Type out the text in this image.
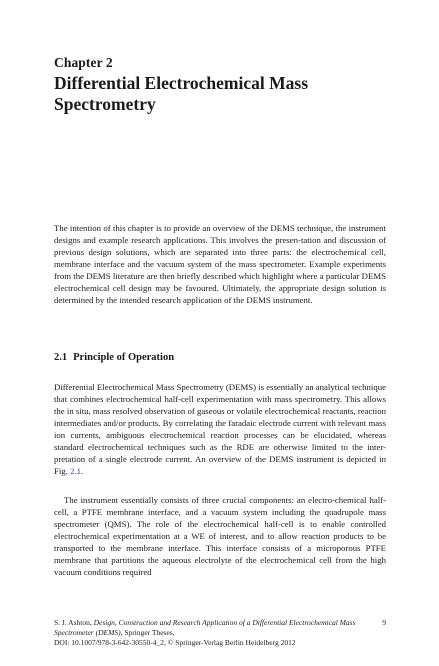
Chapter 2
Differential Electrochemical Mass Spectrometry
The intention of this chapter is to provide an overview of the DEMS technique, the instrument designs and example research applications. This involves the presen-tation and discussion of previous design solutions, which are separated into three parts: the electrochemical cell, membrane interface and the vacuum system of the mass spectrometer. Example experiments from the DEMS literature are then briefly described which highlight where a particular DEMS electrochemical cell design may be favoured. Ultimately, the appropriate design solution is determined by the intended research application of the DEMS instrument.
2.1 Principle of Operation
Differential Electrochemical Mass Spectrometry (DEMS) is essentially an analytical technique that combines electrochemical half-cell experimentation with mass spectrometry. This allows the in situ, mass resolved observation of gaseous or volatile electrochemical reactants, reaction intermediates and/or products. By correlating the faradaic electrode current with relevant mass ion currents, ambiguous electrochemical reaction processes can be elucidated, whereas standard electrochemical techniques such as the RDE are otherwise limited to the inter-pretation of a single electrode current. An overview of the DEMS instrument is depicted in Fig. 2.1.
The instrument essentially consists of three crucial components: an electro-chemical half-cell, a PTFE membrane interface, and a vacuum system including the quadrupole mass spectrometer (QMS). The role of the electrochemical half-cell is to enable controlled electrochemical experimentation at a WE of interest, and to allow reaction products to be transported to the membrane interface. This interface consists of a microporous PTFE membrane that partitions the aqueous electrolyte of the electrochemical cell from the high vacuum conditions required
S. J. Ashton, Design, Construction and Research Application of a Differential Electrochemical Mass Spectrometer (DEMS), Springer Theses,
DOI: 10.1007/978-3-642-30550-4_2, © Springer-Verlag Berlin Heidelberg 2012
9
